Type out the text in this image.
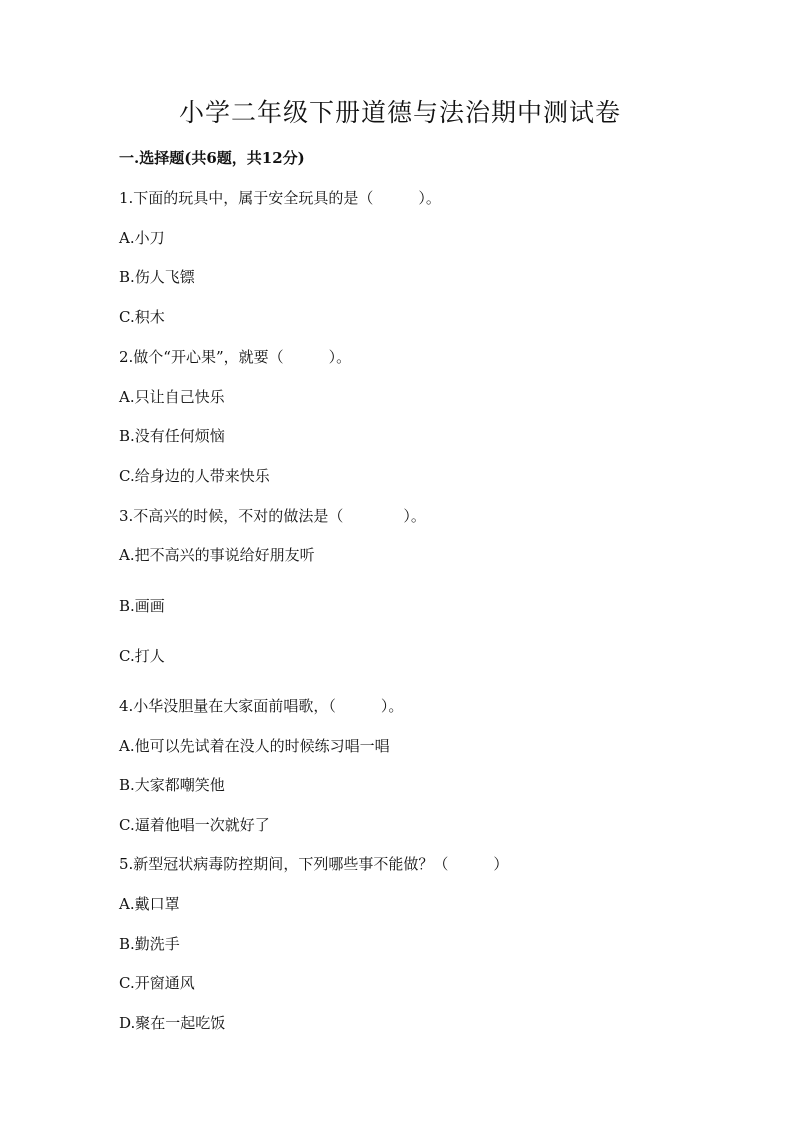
小学二年级下册道德与法治期中测试卷
一.选择题(共6题，共12分)
1.下面的玩具中，属于安全玩具的是（　　　）。
A.小刀
B.伤人飞镖
C.积木
2.做个“开心果”，就要（　　　）。
A.只让自己快乐
B.没有任何烦恼
C.给身边的人带来快乐
3.不高兴的时候，不对的做法是（　　　　）。
A.把不高兴的事说给好朋友听
B.画画
C.打人
4.小华没胆量在大家面前唱歌，（　　　）。
A.他可以先试着在没人的时候练习唱一唱
B.大家都嘲笑他
C.逼着他唱一次就好了
5.新型冠状病毒防控期间，下列哪些事不能做？（　　　）
A.戴口罩
B.勤洗手
C.开窗通风
D.聚在一起吃饭
